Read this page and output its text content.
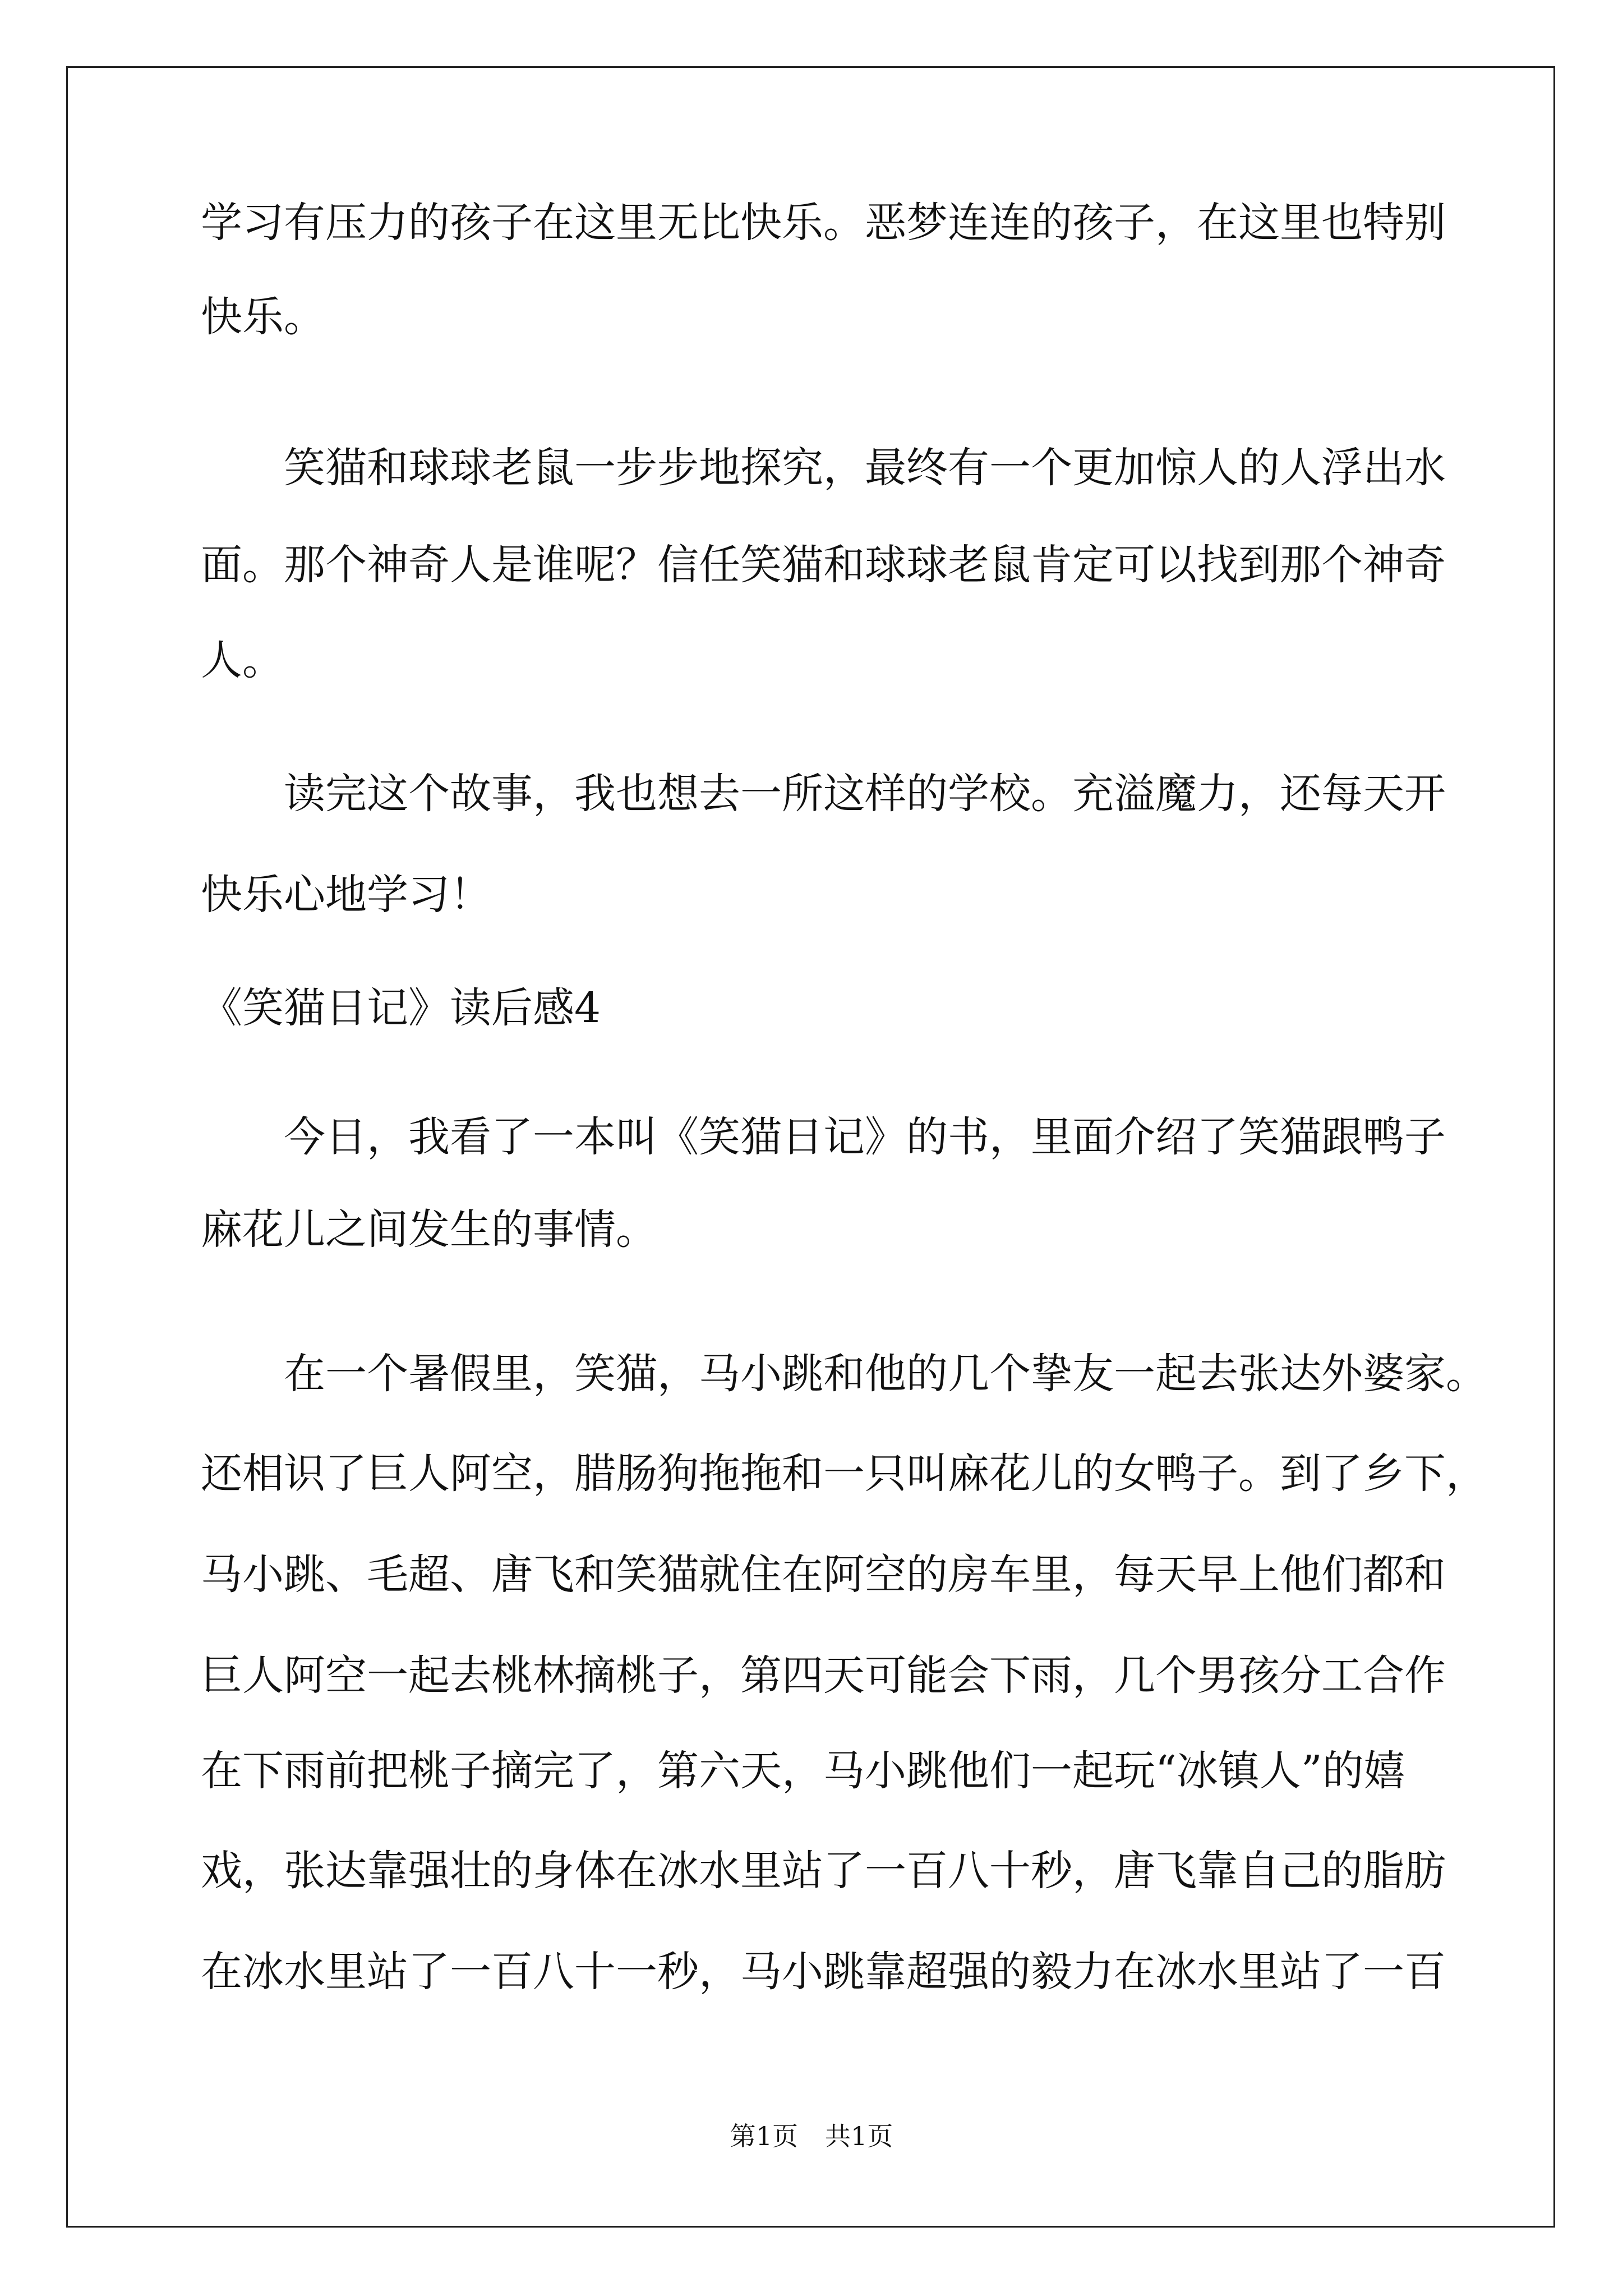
学习有压力的孩子在这里无比快乐。恶梦连连的孩子，在这里也特别

快乐。

笑猫和球球老鼠一步步地探究，最终有一个更加惊人的人浮出水

面。那个神奇人是谁呢？信任笑猫和球球老鼠肯定可以找到那个神奇

人。

读完这个故事，我也想去一所这样的学校。充溢魔力，还每天开

快乐心地学习！

《笑猫日记》读后感4

今日，我看了一本叫《笑猫日记》的书，里面介绍了笑猫跟鸭子

麻花儿之间发生的事情。

在一个暑假里，笑猫，马小跳和他的几个挚友一起去张达外婆家。

还相识了巨人阿空，腊肠狗拖拖和一只叫麻花儿的女鸭子。到了乡下，

马小跳、毛超、唐飞和笑猫就住在阿空的房车里，每天早上他们都和

巨人阿空一起去桃林摘桃子，第四天可能会下雨，几个男孩分工合作

在下雨前把桃子摘完了，第六天，马小跳他们一起玩“冰镇人”的嬉

戏，张达靠强壮的身体在冰水里站了一百八十秒，唐飞靠自己的脂肪

在冰水里站了一百八十一秒，马小跳靠超强的毅力在冰水里站了一百

第1页 共1页
